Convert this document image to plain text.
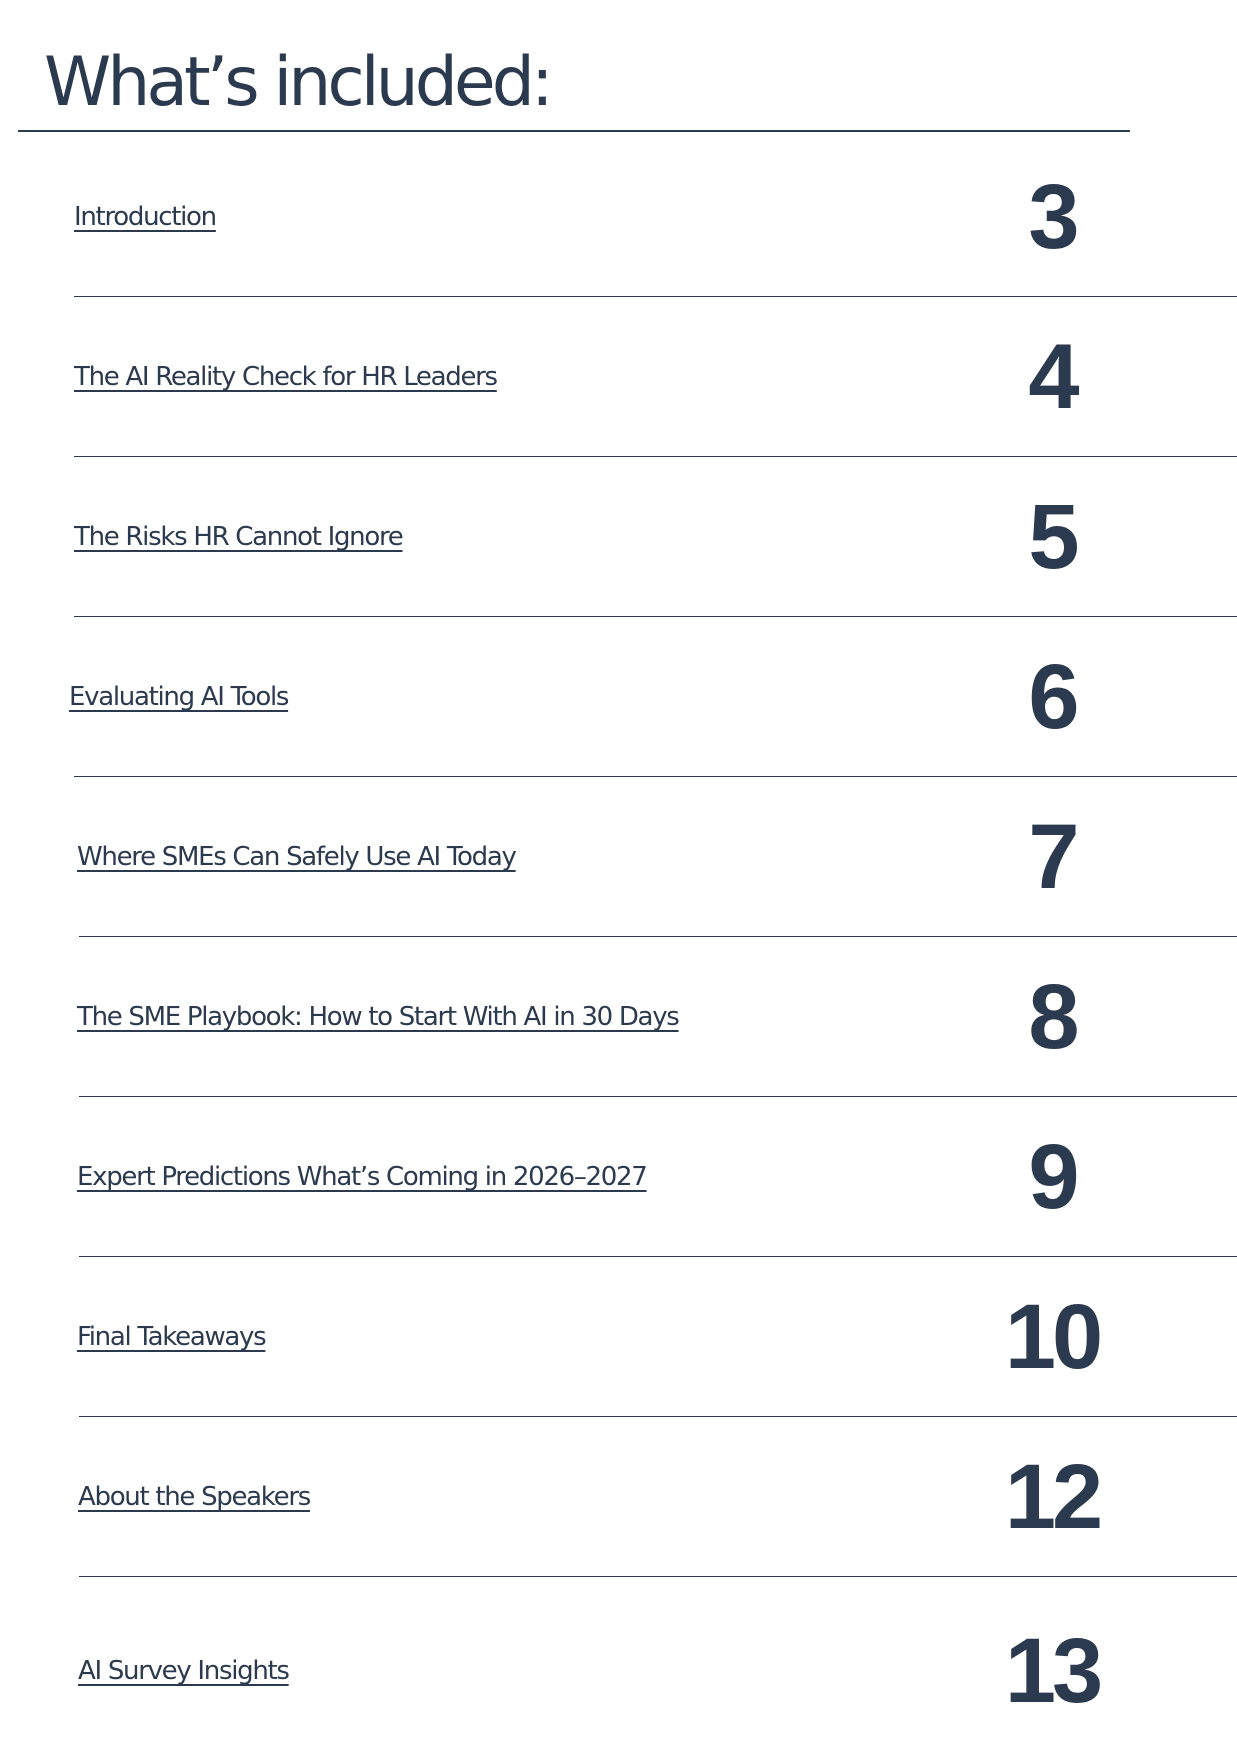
What’s included:
Introduction	3
The AI Reality Check for HR Leaders	4
The Risks HR Cannot Ignore	5
Evaluating AI Tools	6
Where SMEs Can Safely Use AI Today	7
The SME Playbook: How to Start With AI in 30 Days	8
Expert Predictions What’s Coming in 2026–2027	9
Final Takeaways	10
About the Speakers	12
AI Survey Insights	13
